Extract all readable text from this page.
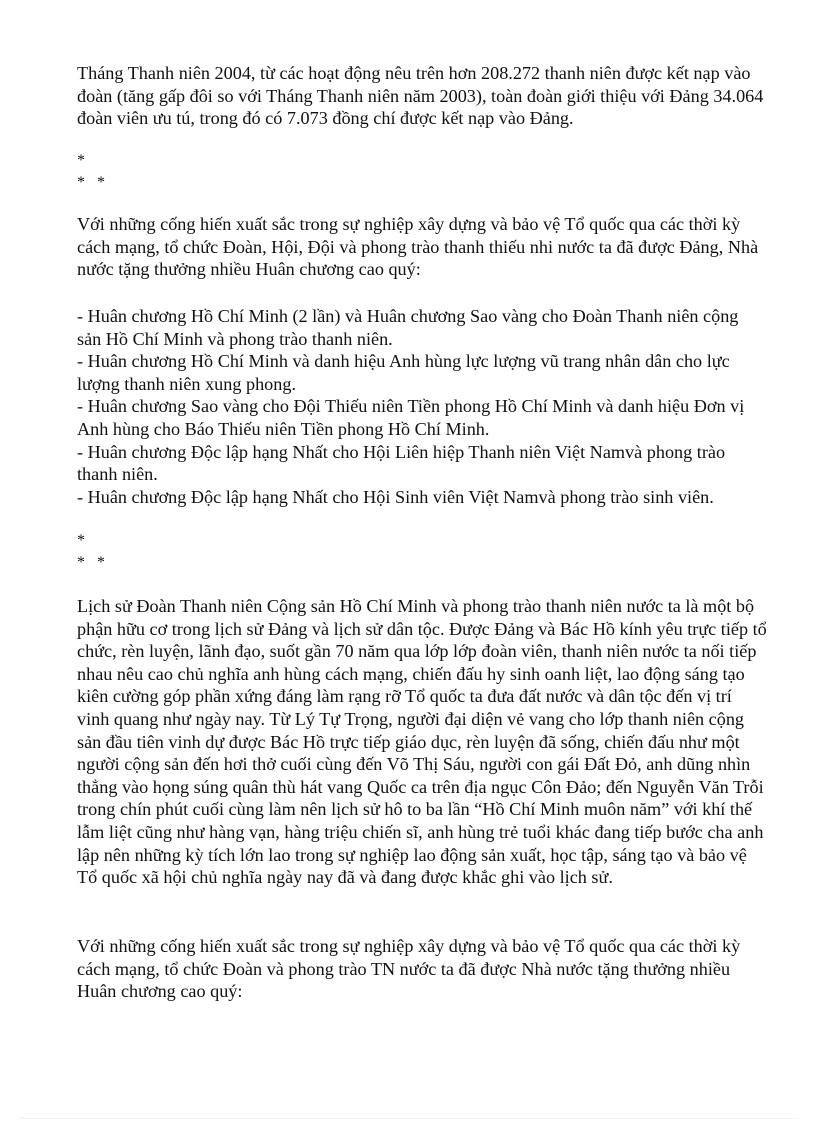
Tháng Thanh niên 2004, từ các hoạt động nêu trên hơn 208.272 thanh niên được kết nạp vào đoàn (tăng gấp đôi so với Tháng Thanh niên năm 2003), toàn đoàn giới thiệu với Đảng 34.064 đoàn viên ưu tú, trong đó có 7.073 đồng chí được kết nạp vào Đảng.

*

*   *

Với những cống hiến xuất sắc trong sự nghiệp xây dựng và bảo vệ Tổ quốc qua các thời kỳ cách mạng, tổ chức Đoàn, Hội, Đội và phong trào thanh thiếu nhi nước ta đã được Đảng, Nhà nước tặng thưởng nhiều Huân chương cao quý:

- Huân chương Hồ Chí Minh (2 lần) và Huân chương Sao vàng cho Đoàn Thanh niên cộng sản Hồ Chí Minh và phong trào thanh niên.
- Huân chương Hồ Chí Minh và danh hiệu Anh hùng lực lượng vũ trang nhân dân cho lực lượng thanh niên xung phong.
- Huân chương Sao vàng cho Đội Thiếu niên Tiền phong Hồ Chí Minh và danh hiệu Đơn vị Anh hùng cho Báo Thiếu niên Tiền phong Hồ Chí Minh.
- Huân chương Độc lập hạng Nhất cho Hội Liên hiệp Thanh niên Việt Namvà phong trào thanh niên.
- Huân chương Độc lập hạng Nhất cho Hội Sinh viên Việt Namvà phong trào sinh viên.

*

*   *

Lịch sử Đoàn Thanh niên Cộng sản Hồ Chí Minh và phong trào thanh niên nước ta là một bộ phận hữu cơ trong lịch sử Đảng và lịch sử dân tộc. Được Đảng và Bác Hồ kính yêu trực tiếp tổ chức, rèn luyện, lãnh đạo, suốt gần 70 năm qua lớp lớp đoàn viên, thanh niên nước ta nối tiếp nhau nêu cao chủ nghĩa anh hùng cách mạng, chiến đấu hy sinh oanh liệt, lao động sáng tạo kiên cường góp phần xứng đáng làm rạng rỡ Tổ quốc ta đưa đất nước và dân tộc đến vị trí vinh quang như ngày nay. Từ Lý Tự Trọng, người đại diện vẻ vang cho lớp thanh niên cộng sản đầu tiên vinh dự được Bác Hồ trực tiếp giáo dục, rèn luyện đã sống, chiến đấu như một người cộng sản đến hơi thở cuối cùng đến Võ Thị Sáu, người con gái Đất Đỏ, anh dũng nhìn thẳng vào họng súng quân thù hát vang Quốc ca trên địa ngục Côn Đảo; đến Nguyễn Văn Trỗi trong chín phút cuối cùng làm nên lịch sử hô to ba lần “Hồ Chí Minh muôn năm” với khí thế lẫm liệt cũng như hàng vạn, hàng triệu chiến sĩ, anh hùng trẻ tuổi khác đang tiếp bước cha anh lập nên những kỳ tích lớn lao trong sự nghiệp lao động sản xuất, học tập, sáng tạo và bảo vệ Tổ quốc xã hội chủ nghĩa ngày nay đã và đang được khắc ghi vào lịch sử.

Với những cống hiến xuất sắc trong sự nghiệp xây dựng và bảo vệ Tổ quốc qua các thời kỳ cách mạng, tổ chức Đoàn và phong trào TN nước ta đã được Nhà nước tặng thưởng nhiều Huân chương cao quý:
